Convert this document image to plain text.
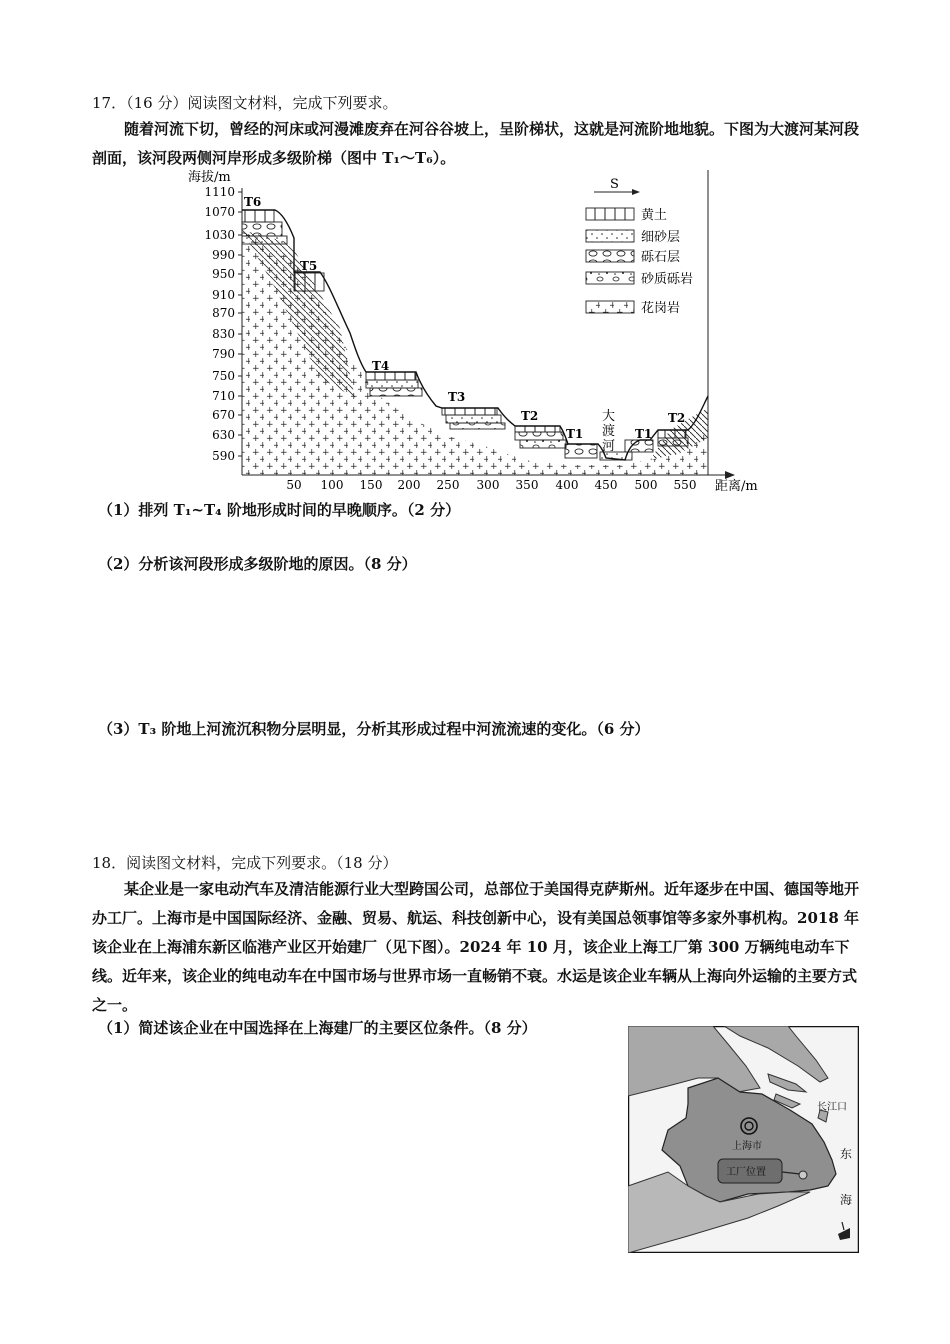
17．（16 分）阅读图文材料，完成下列要求。
随着河流下切，曾经的河床或河漫滩废弃在河谷谷坡上，呈阶梯状，这就是河流阶地地貌。下图为大渡河某河段剖面，该河段两侧河岸形成多级阶梯（图中 T₁～T₆）。
海拔/m
距离/m
1110
1070
1030
990
950
910
870
830
790
750
710
670
630
590
50 100 150 200 250 300 350 400 450 500 550
T6
T5
T4
T3
T2
T1	T1
T2
大
渡
河
S
黄土
细砂层
砾石层
砂质砾岩
花岗岩
（1）排列 T₁~T₄ 阶地形成时间的早晚顺序。（2 分）
（2）分析该河段形成多级阶地的原因。（8 分）
（3）T₃ 阶地上河流沉积物分层明显，分析其形成过程中河流流速的变化。（6 分）
18．阅读图文材料，完成下列要求。（18 分）
某企业是一家电动汽车及清洁能源行业大型跨国公司，总部位于美国得克萨斯州。近年逐步在中国、德国等地开办工厂。上海市是中国国际经济、金融、贸易、航运、科技创新中心，设有美国总领事馆等多家外事机构。2018 年该企业在上海浦东新区临港产业区开始建厂（见下图）。2024 年 10 月，该企业上海工厂第 300 万辆纯电动车下线。近年来，该企业的纯电动车在中国市场与世界市场一直畅销不衰。水运是该企业车辆从上海向外运输的主要方式之一。
（1）简述该企业在中国选择在上海建厂的主要区位条件。（8 分）
上海市
工厂位置
长江口
东
海
